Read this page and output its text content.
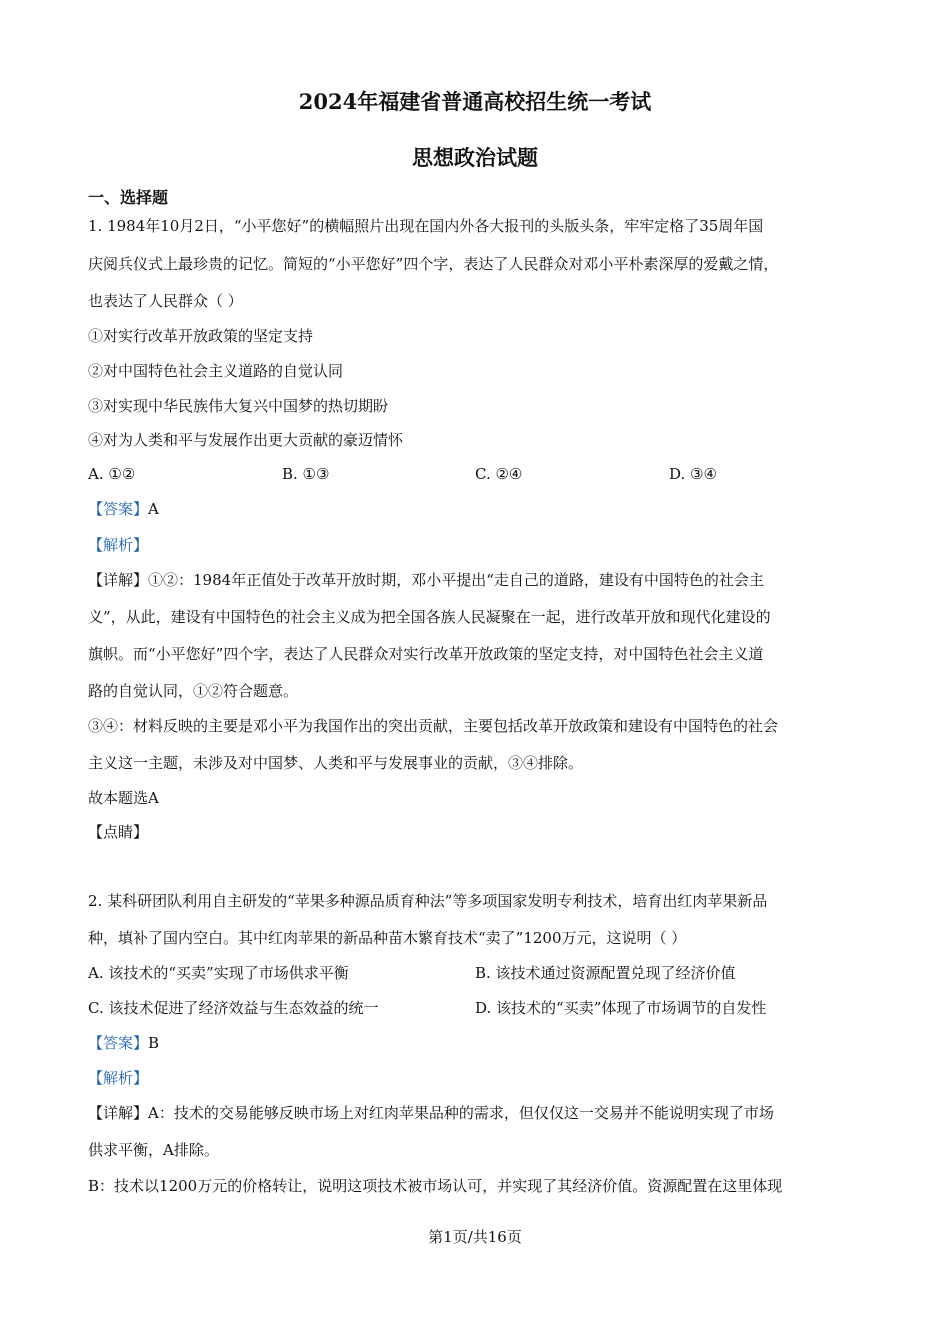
2024年福建省普通高校招生统一考试
思想政治试题
一、选择题
1. 1984年10月2日，“小平您好”的横幅照片出现在国内外各大报刊的头版头条，牢牢定格了35周年国
庆阅兵仪式上最珍贵的记忆。简短的“小平您好”四个字，表达了人民群众对邓小平朴素深厚的爱戴之情，
也表达了人民群众（ ）
①对实行改革开放政策的坚定支持
②对中国特色社会主义道路的自觉认同
③对实现中华民族伟大复兴中国梦的热切期盼
④对为人类和平与发展作出更大贡献的豪迈情怀
A. ①②	B. ①③	C. ②④	D. ③④
【答案】A
【解析】
【详解】①②：1984年正值处于改革开放时期，邓小平提出“走自己的道路，建设有中国特色的社会主
义”，从此，建设有中国特色的社会主义成为把全国各族人民凝聚在一起，进行改革开放和现代化建设的
旗帜。而“小平您好”四个字，表达了人民群众对实行改革开放政策的坚定支持，对中国特色社会主义道
路的自觉认同，①②符合题意。
③④：材料反映的主要是邓小平为我国作出的突出贡献，主要包括改革开放政策和建设有中国特色的社会
主义这一主题，未涉及对中国梦、人类和平与发展事业的贡献，③④排除。
故本题选A
【点睛】
2. 某科研团队利用自主研发的“苹果多种源品质育种法”等多项国家发明专利技术，培育出红肉苹果新品
种，填补了国内空白。其中红肉苹果的新品种苗木繁育技术“卖了”1200万元，这说明（ ）
A. 该技术的“买卖”实现了市场供求平衡	B. 该技术通过资源配置兑现了经济价值
C. 该技术促进了经济效益与生态效益的统一	D. 该技术的“买卖”体现了市场调节的自发性
【答案】B
【解析】
【详解】A：技术的交易能够反映市场上对红肉苹果品种的需求，但仅仅这一交易并不能说明实现了市场
供求平衡，A排除。
B：技术以1200万元的价格转让，说明这项技术被市场认可，并实现了其经济价值。资源配置在这里体现
第1页/共16页
